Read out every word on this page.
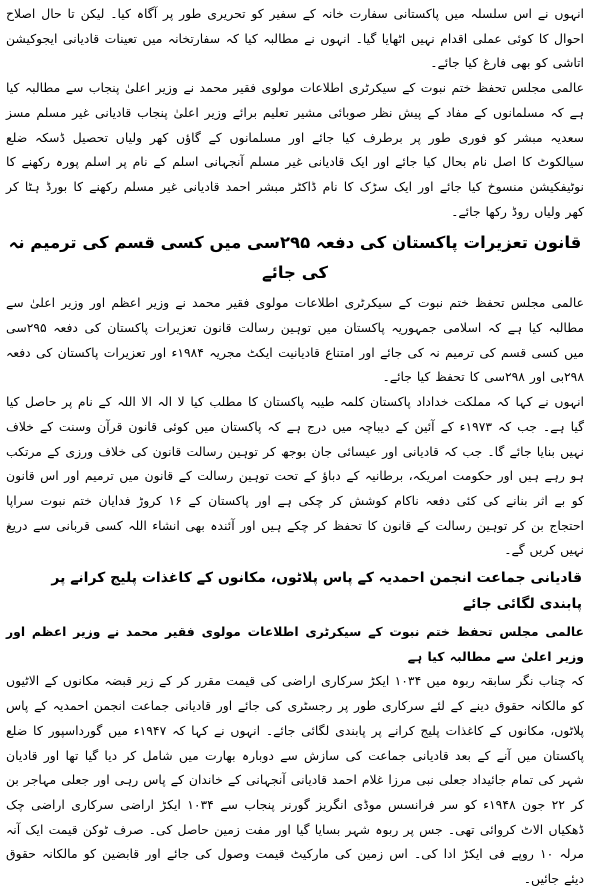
انہوں نے اس سلسلہ میں پاکستانی سفارت خانہ کے سفیر کو تحریری طور پر آگاہ کیا۔ لیکن تا حال اصلاح احوال کا کوئی عملی اقدام نہیں اٹھایا گیا۔ انہوں نے مطالبہ کیا کہ سفارتخانہ میں تعینات قادیانی ایجوکیشن اتاشی کو بھی فارغ کیا جائے۔

عالمی مجلس تحفظ ختم نبوت کے سیکرٹری اطلاعات مولوی فقیر محمد نے وزیر اعلیٰ پنجاب سے مطالبہ کیا ہے کہ مسلمانوں کے مفاد کے پیش نظر صوبائی مشیر تعلیم برائے وزیر اعلیٰ پنجاب قادیانی غیر مسلم مسز سعدیہ مبشر کو فوری طور پر برطرف کیا جائے اور مسلمانوں کے گاؤں کھر ولیاں تحصیل ڈسکہ ضلع سیالکوٹ کا اصل نام بحال کیا جائے اور ایک قادیانی غیر مسلم آنجہانی اسلم کے نام پر اسلم پورہ رکھنے کا نوٹیفکیشن منسوخ کیا جائے اور ایک سڑک کا نام ڈاکٹر مبشر احمد قادیانی غیر مسلم رکھنے کا بورڈ ہٹا کر کھر ولیاں روڈ رکھا جائے۔

قانون تعزیرات پاکستان کی دفعہ ۲۹۵سی میں کسی قسم کی ترمیم نہ کی جائے

عالمی مجلس تحفظ ختم نبوت کے سیکرٹری اطلاعات مولوی فقیر محمد نے وزیر اعظم اور وزیر اعلیٰ سے مطالبہ کیا ہے کہ اسلامی جمہوریہ پاکستان میں توہین رسالت قانون تعزیرات پاکستان کی دفعہ ۲۹۵سی میں کسی قسم کی ترمیم نہ کی جائے اور امتناع قادیانیت ایکٹ مجریہ ۱۹۸۴ء اور تعزیرات پاکستان کی دفعہ ۲۹۸بی اور ۲۹۸سی کا تحفظ کیا جائے۔

انہوں نے کہا کہ مملکت خداداد پاکستان کلمہ طیبہ پاکستان کا مطلب کیا لا الہ الا اللہ کے نام پر حاصل کیا گیا ہے۔ جب کہ ۱۹۷۳ء کے آئین کے دیباچہ میں درج ہے کہ پاکستان میں کوئی قانون قرآن وسنت کے خلاف نہیں بنایا جائے گا۔ جب کہ قادیانی اور عیسائی جان بوجھ کر توہین رسالت قانون کی خلاف ورزی کے مرتکب ہو رہے ہیں اور حکومت امریکہ، برطانیہ کے دباؤ کے تحت توہین رسالت کے قانون میں ترمیم اور اس قانون کو بے اثر بنانے کی کئی دفعہ ناکام کوشش کر چکی ہے اور پاکستان کے ۱۶ کروڑ فدایان ختم نبوت سراپا احتجاج بن کر توہین رسالت کے قانون کا تحفظ کر چکے ہیں اور آئندہ بھی انشاء اللہ کسی قربانی سے دریغ نہیں کریں گے۔

قادیانی جماعت انجمن احمدیہ کے پاس پلاٹوں، مکانوں کے کاغذات پلیج کرانے پر پابندی لگائی جائے

عالمی مجلس تحفظ ختم نبوت کے سیکرٹری اطلاعات مولوی فقیر محمد نے وزیر اعظم اور وزیر اعلیٰ سے مطالبہ کیا ہے

کہ چناب نگر سابقہ ربوہ میں ۱۰۳۴ ایکڑ سرکاری اراضی کی قیمت مقرر کر کے زیر قبضہ مکانوں کے الاٹیوں کو مالکانہ حقوق دینے کے لئے سرکاری طور پر رجسٹری کی جائے اور قادیانی جماعت انجمن احمدیہ کے پاس پلاٹوں، مکانوں کے کاغذات پلیج کرانے پر پابندی لگائی جائے۔ انہوں نے کہا کہ ۱۹۴۷ء میں گورداسپور کا ضلع پاکستان میں آنے کے بعد قادیانی جماعت کی سازش سے دوبارہ بھارت میں شامل کر دیا گیا تھا اور قادیان شہر کی تمام جائیداد جعلی نبی مرزا غلام احمد قادیانی آنجہانی کے خاندان کے پاس رہی اور جعلی مہاجر بن کر ۲۲ جون ۱۹۴۸ء کو سر فرانسس موڈی انگریز گورنر پنجاب سے ۱۰۳۴ ایکڑ اراضی سرکاری اراضی چک ڈھکیاں الاٹ کروائی تھی۔ جس پر ربوہ شہر بسایا گیا اور مفت زمین حاصل کی۔ صرف ٹوکن قیمت ایک آنہ مرلہ ۱۰ روپے فی ایکڑ ادا کی۔ اس زمین کی مارکیٹ قیمت وصول کی جائے اور قابضین کو مالکانہ حقوق دیئے جائیں۔
